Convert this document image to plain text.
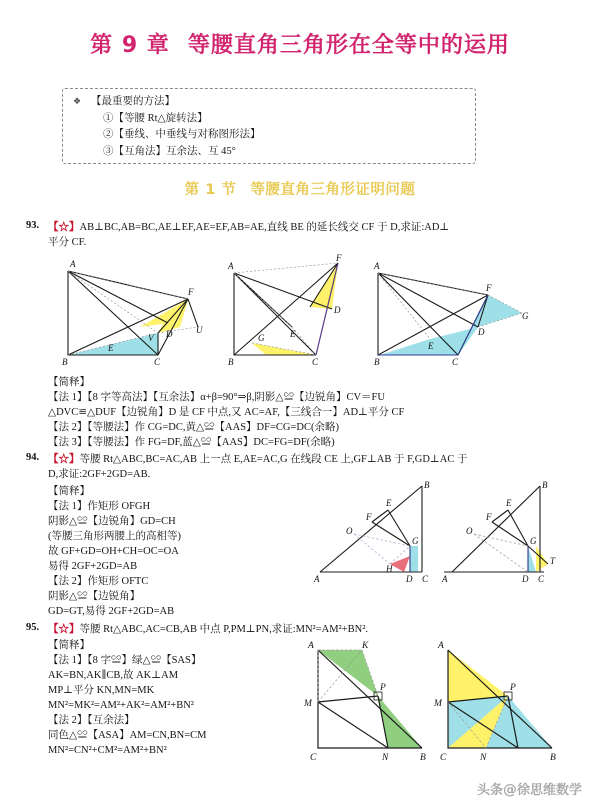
第 9 章 等腰直角三角形在全等中的运用
❖ 【最重要的方法】
①【等腰 Rt△旋转法】
②【垂线、中垂线与对称图形法】
③【互角法】互余法、互 45°
第 1 节 等腰直角三角形证明问题
93. 【☆】AB⊥BC,AB=BC,AE⊥EF,AE=EF,AB=AE,直线 BE 的延长线交 CF 于 D,求证:AD⊥
平分 CF.
A
B	C
D
E
F
U
V
A
B	C
D
E
F
G
A
B	C
D
E
F
G
【简释】
【法 1】【8 字等高法】【互余法】α+β=90°⇒β,阴影△≌【边锐角】CV＝FU
△DVC≌△DUF【边锐角】D 是 CF 中点,又 AC=AF,【三线合一】AD⊥平分 CF
【法 2】【等腰法】作 CG=DC,黄△≌【AAS】DF=CG=DC(余略)
【法 3】【等腰法】作 FG=DF,蓝△≌【AAS】DC=FG=DF(余略)
94. 【☆】等腰 Rt△ABC,BC=AC,AB 上一点 E,AE=AC,G 在线段 CE 上,GF⊥AB 于 F,GD⊥AC 于
D,求证:2GF+2GD=AB.
【简释】
【法 1】作矩形 OFGH
阴影△≌【边锐角】GD=CH
(等腰三角形两腰上的高相等)
故 GF+GD=OH+CH=OC=OA
易得 2GF+2GD=AB
【法 2】作矩形 OFTC
阴影△≌【边锐角】
GD=GT,易得 2GF+2GD=AB
A
B
C
D
E
F
G
H
O
A
B
C
D
E
F
G
O
T
95. 【☆】等腰 Rt△ABC,AC=CB,AB 中点 P,PM⊥PN,求证:MN²=AM²+BN².
【简释】
【法 1】【8 字≌】绿△≌【SAS】
AK=BN,AK∥CB,故 AK⊥AM
MP⊥平分 KN,MN=MK
MN²=MK²=AM²+AK²=AM²+BN²
【法 2】【互余法】
同色△≌【ASA】AM=CN,BN=CM
MN²=CN²+CM²=AM²+BN²
A
B
C
K
M
N
P
A
B
C
M
N
P
头条@徐思维数学
